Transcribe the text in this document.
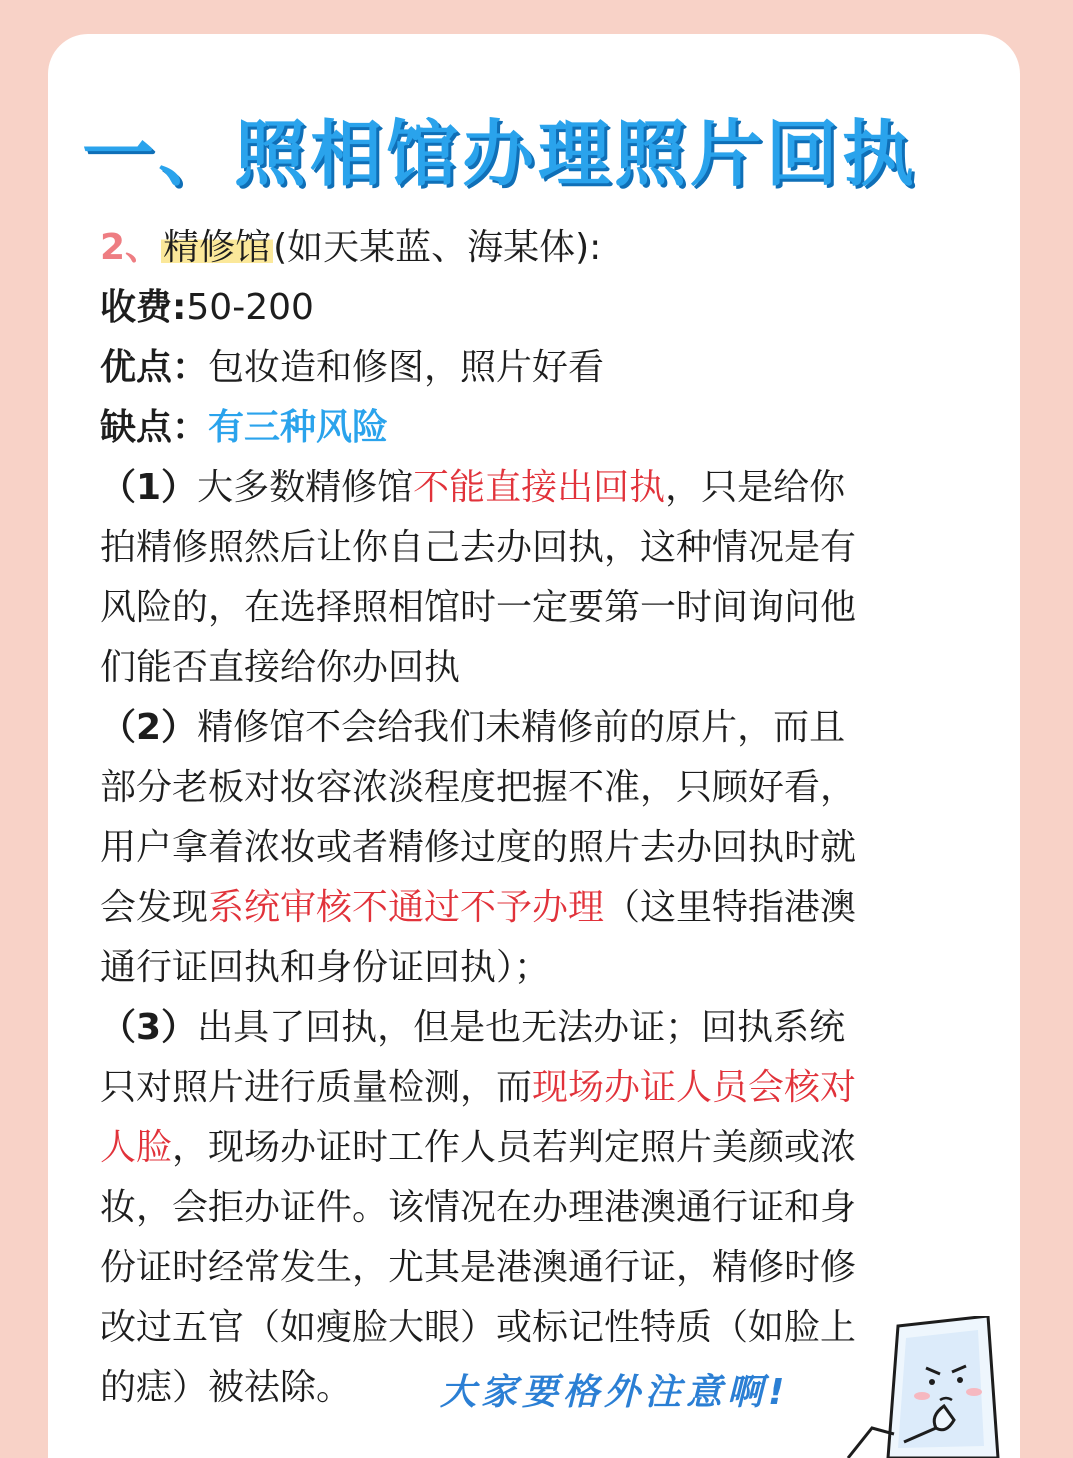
一、照相馆办理照片回执
2、精修馆(如天某蓝、海某体):
收费:50-200
优点：包妆造和修图，照片好看
缺点：有三种风险
（1）大多数精修馆不能直接出回执，只是给你
拍精修照然后让你自己去办回执，这种情况是有
风险的，在选择照相馆时一定要第一时间询问他
们能否直接给你办回执
（2）精修馆不会给我们未精修前的原片，而且
部分老板对妆容浓淡程度把握不准，只顾好看，
用户拿着浓妆或者精修过度的照片去办回执时就
会发现系统审核不通过不予办理（这里特指港澳
通行证回执和身份证回执）；
（3）出具了回执，但是也无法办证；回执系统
只对照片进行质量检测，而现场办证人员会核对
人脸，现场办证时工作人员若判定照片美颜或浓
妆，会拒办证件。该情况在办理港澳通行证和身
份证时经常发生，尤其是港澳通行证，精修时修
改过五官（如瘦脸大眼）或标记性特质（如脸上
的痣）被祛除。	大家要格外注意啊!
